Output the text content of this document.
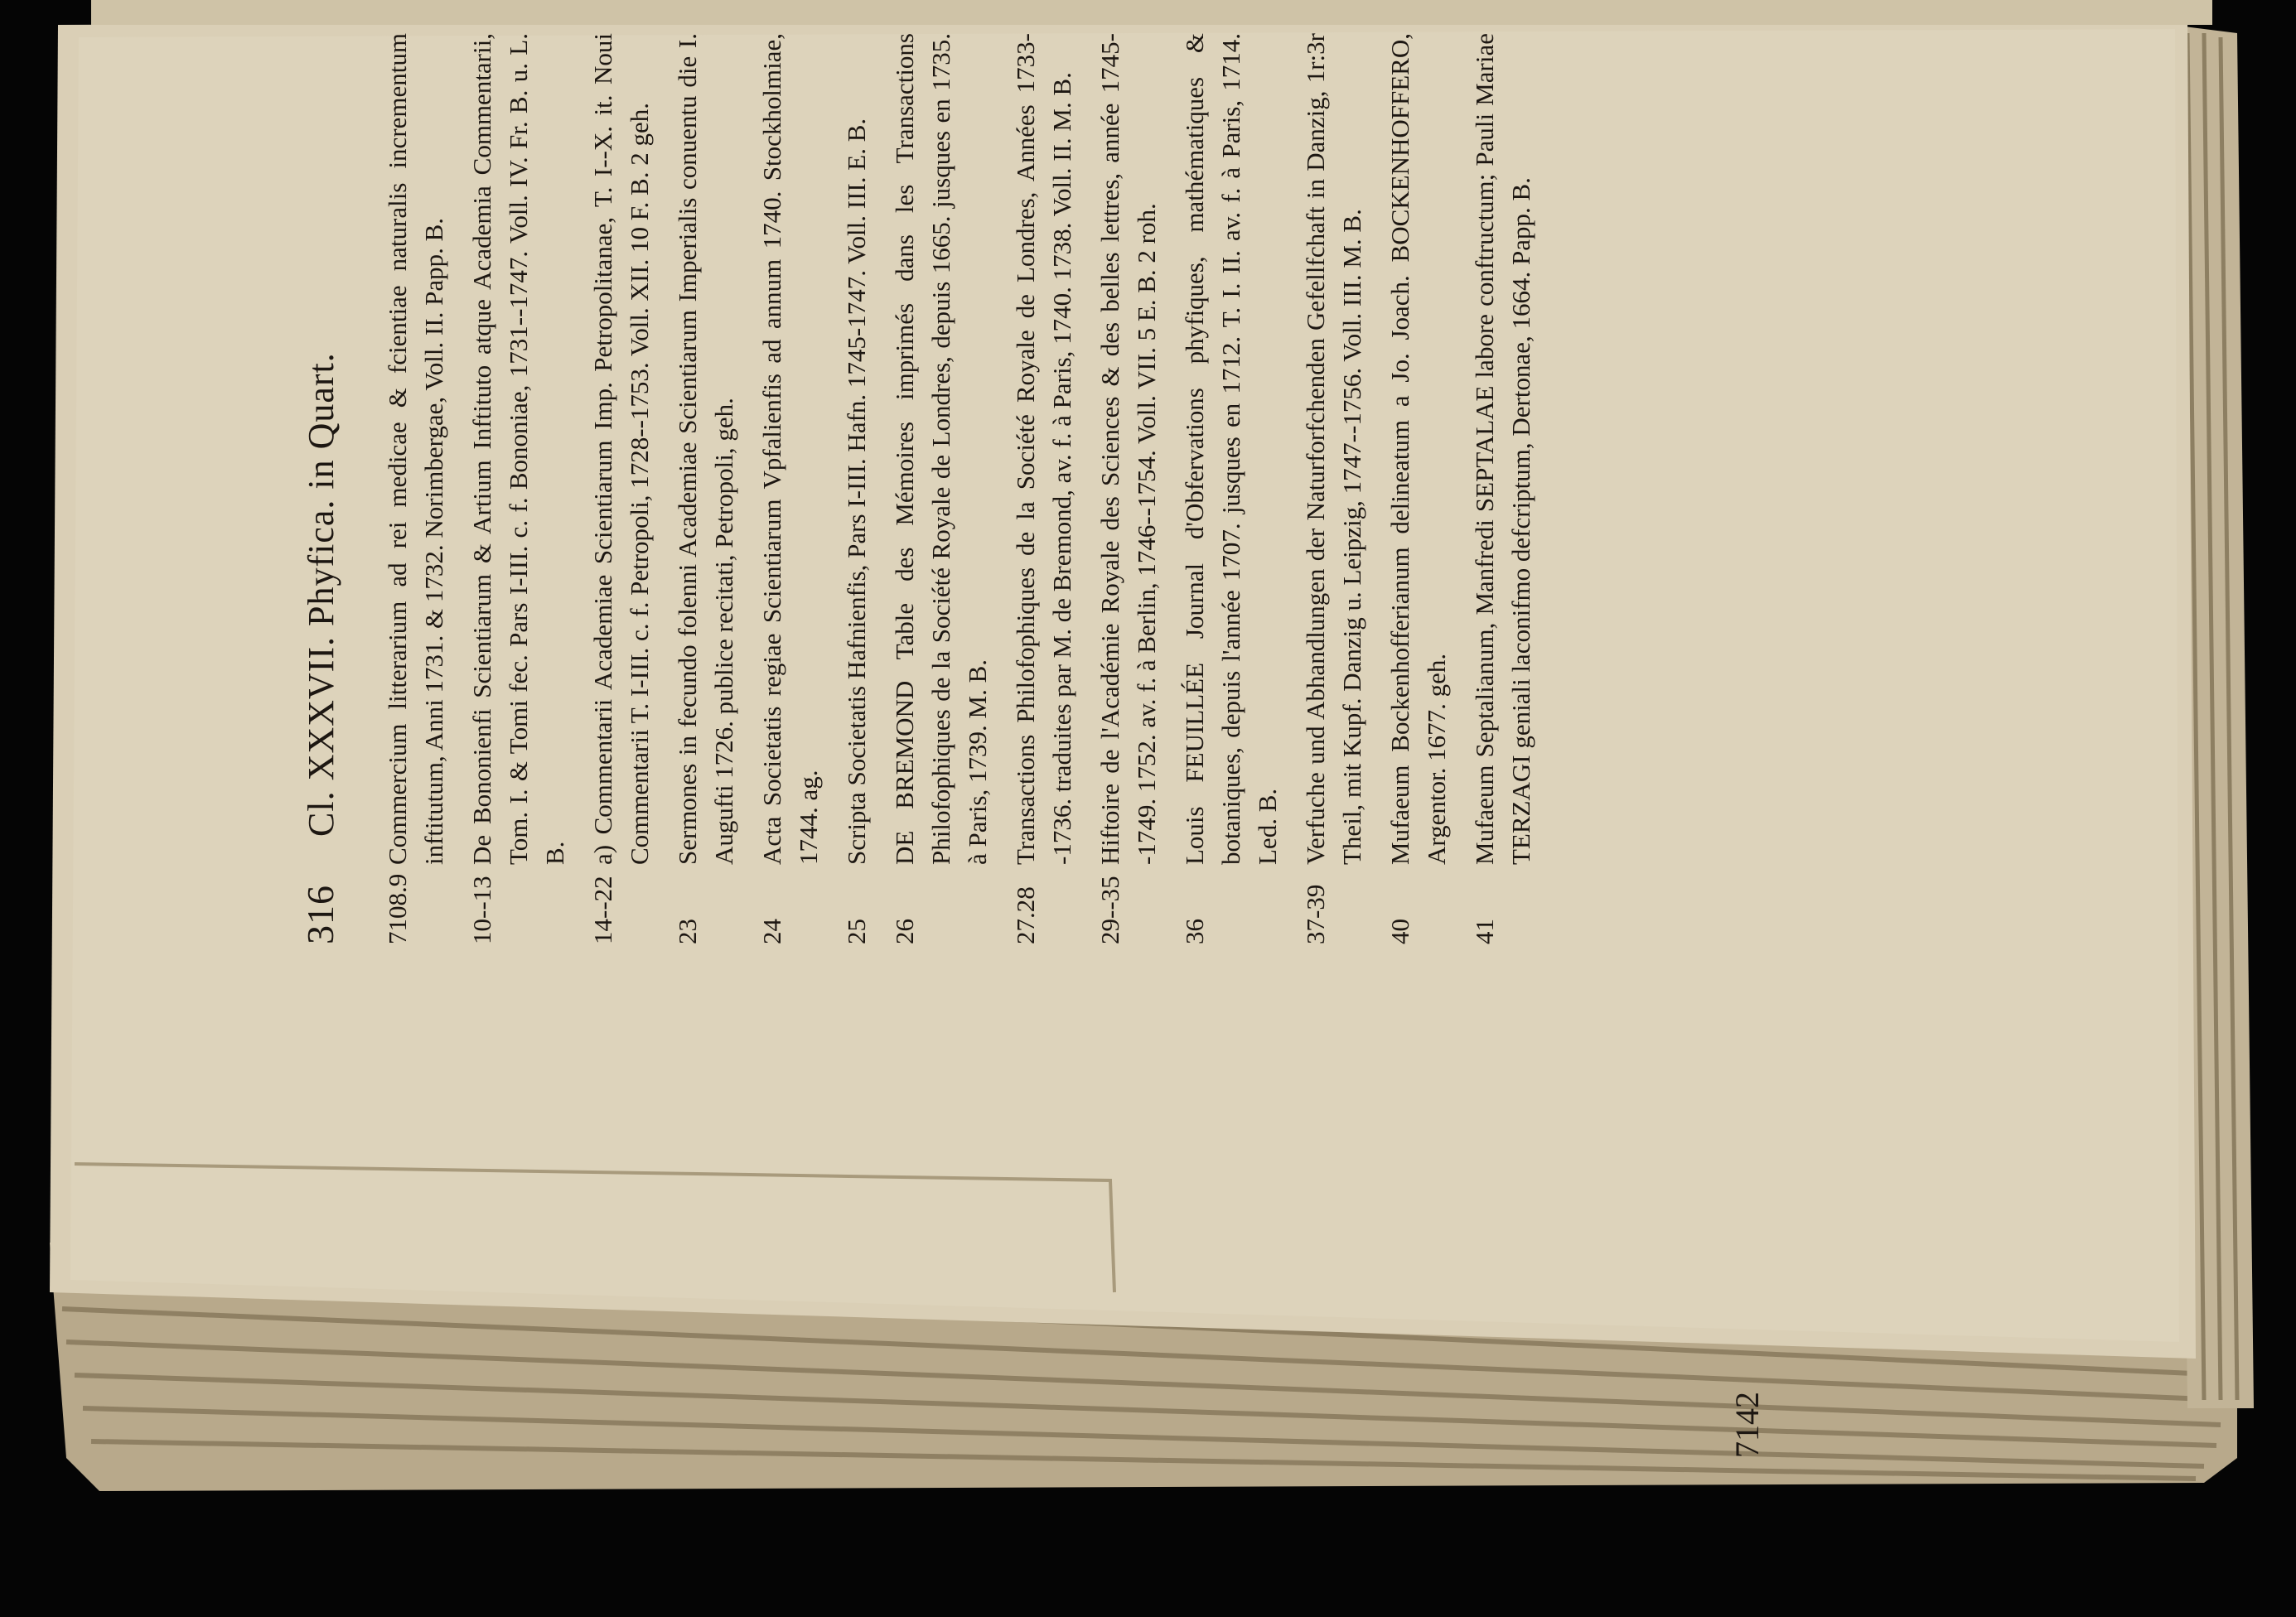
316
Cl. XXXVII. Phyfica. in Quart.
7108.9
Commercium litterarium ad rei medicae & fcientiae naturalis incrementum inftitutum, Anni 1731. & 1732. Norimbergae, Voll. II. Papp. B.
10--13
De Bononienfi Scientiarum & Artium Inftituto atque Academia Commentarii, Tom. I. & Tomi fec. Pars I-III. c. f. Bononiae, 1731--1747. Voll. IV. Fr. B. u. L. B.
14--22
a) Commentarii Academiae Scientiarum Imp. Petropolitanae, T. I--X. it. Noui Commentarii T. I-III. c. f. Petropoli, 1728--1753. Voll. XII. 10 F. B. 2 geh.
23
Sermones in fecundo folenni Academiae Scientiarum Imperialis conuentu die I. Augufti 1726. publice recitati, Petropoli, geh.
24
Acta Societatis regiae Scientiarum Vpfalienfis ad annum 1740. Stockholmiae, 1744. ag.
25
Scripta Societatis Hafnienfis, Pars I-III. Hafn. 1745-1747. Voll. III. E. B.
26
DE BREMOND Table des Mémoires imprimés dans les Transactions Philofophiques de la Société Royale de Londres, depuis 1665. jusques en 1735. à Paris, 1739. M. B.
27.28
Transactions Philofophiques de la Société Royale de Londres, Années 1733--1736. traduites par M. de Bremond, av. f. à Paris, 1740. 1738. Voll. II. M. B.
29--35
Hiftoire de l'Académie Royale des Sciences & des belles lettres, année 1745--1749. 1752. av. f. à Berlin, 1746--1754. Voll. VII. 5 E. B. 2 roh.
36
Louis FEUILLÉE Journal d'Obfervations phyfiques, mathématiques & botaniques, depuis l'année 1707. jusques en 1712. T. I. II. av. f. à Paris, 1714. Led. B.
37-39
Verfuche und Abhandlungen der Naturforfchenden Gefellfchaft in Danzig, 1r:3r Theil, mit Kupf. Danzig u. Leipzig, 1747--1756. Voll. III. M. B.
40
Mufaeum Bockenhofferianum delineatum a Jo. Joach. BOCKENHOFFERO, Argentor. 1677. geh.
41
Mufaeum Septalianum, Manfredi SEPTALAE labore conftructum; Pauli Mariae TERZAGI geniali laconifmo defcriptum, Dertonae, 1664. Papp. B.
7142
